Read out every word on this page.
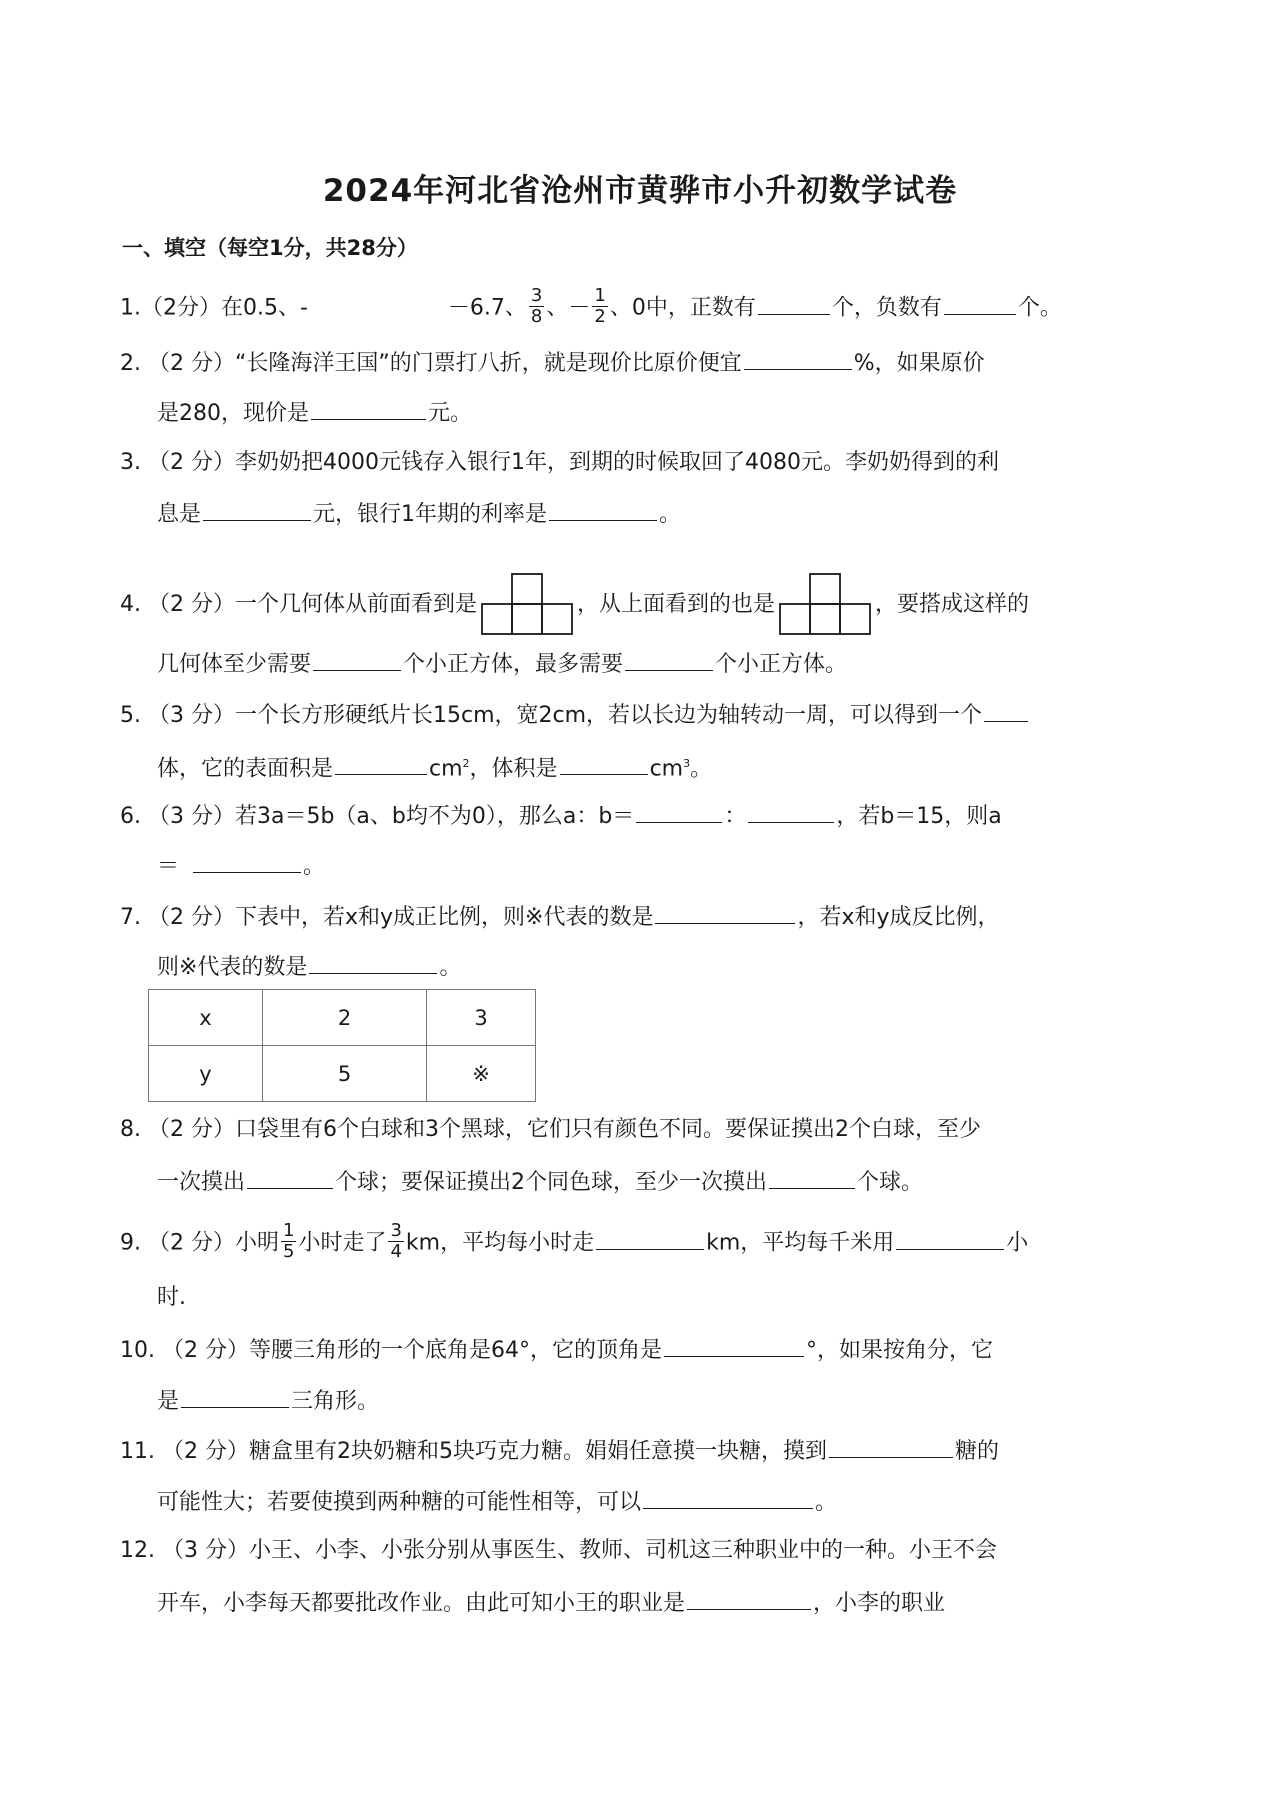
2024年河北省沧州市黄骅市小升初数学试卷
一、填空（每空1分，共28分）
1.（2分）在0.5、-	－6.7、 $\frac{3}{8}$ 、－ $\frac{1}{2}$ 、0中，正数有	个，负数有	个。
2. （2 分）“长隆海洋王国”的门票打八折，就是现价比原价便宜	%，如果原价
是280，现价是	元。
3. （2 分）李奶奶把4000元钱存入银行1年，到期的时候取回了4080元。李奶奶得到的利
息是	元，银行1年期的利率是	。
4. （2 分）一个几何体从前面看到是	，从上面看到的也是	，要搭成这样的
几何体至少需要	个小正方体，最多需要	个小正方体。
5. （3 分）一个长方形硬纸片长15cm，宽2cm，若以长边为轴转动一周，可以得到一个
体，它的表面积是	$cm^2$，体积是	$cm^3$。
6. （3 分）若3a＝5b（a、b均不为0），那么a：b＝	：	，若b＝15，则a
＝	。
7. （2 分）下表中，若x和y成正比例，则※代表的数是	，若x和y成反比例，
则※代表的数是	。
x	2	3
y	5	※
8. （2 分）口袋里有6个白球和3个黑球，它们只有颜色不同。要保证摸出2个白球，至少
一次摸出	个球；要保证摸出2个同色球，至少一次摸出	个球。
9. （2 分）小明 $\frac{1}{5}$ 小时走了 $\frac{3}{4}$ km，平均每小时走	km，平均每千米用	小
时.
10. （2 分）等腰三角形的一个底角是64°，它的顶角是	°，如果按角分，它
是	三角形。
11. （2 分）糖盒里有2块奶糖和5块巧克力糖。娟娟任意摸一块糖，摸到	糖的
可能性大；若要使摸到两种糖的可能性相等，可以	。
12. （3 分）小王、小李、小张分别从事医生、教师、司机这三种职业中的一种。小王不会
开车，小李每天都要批改作业。由此可知小王的职业是	，小李的职业
